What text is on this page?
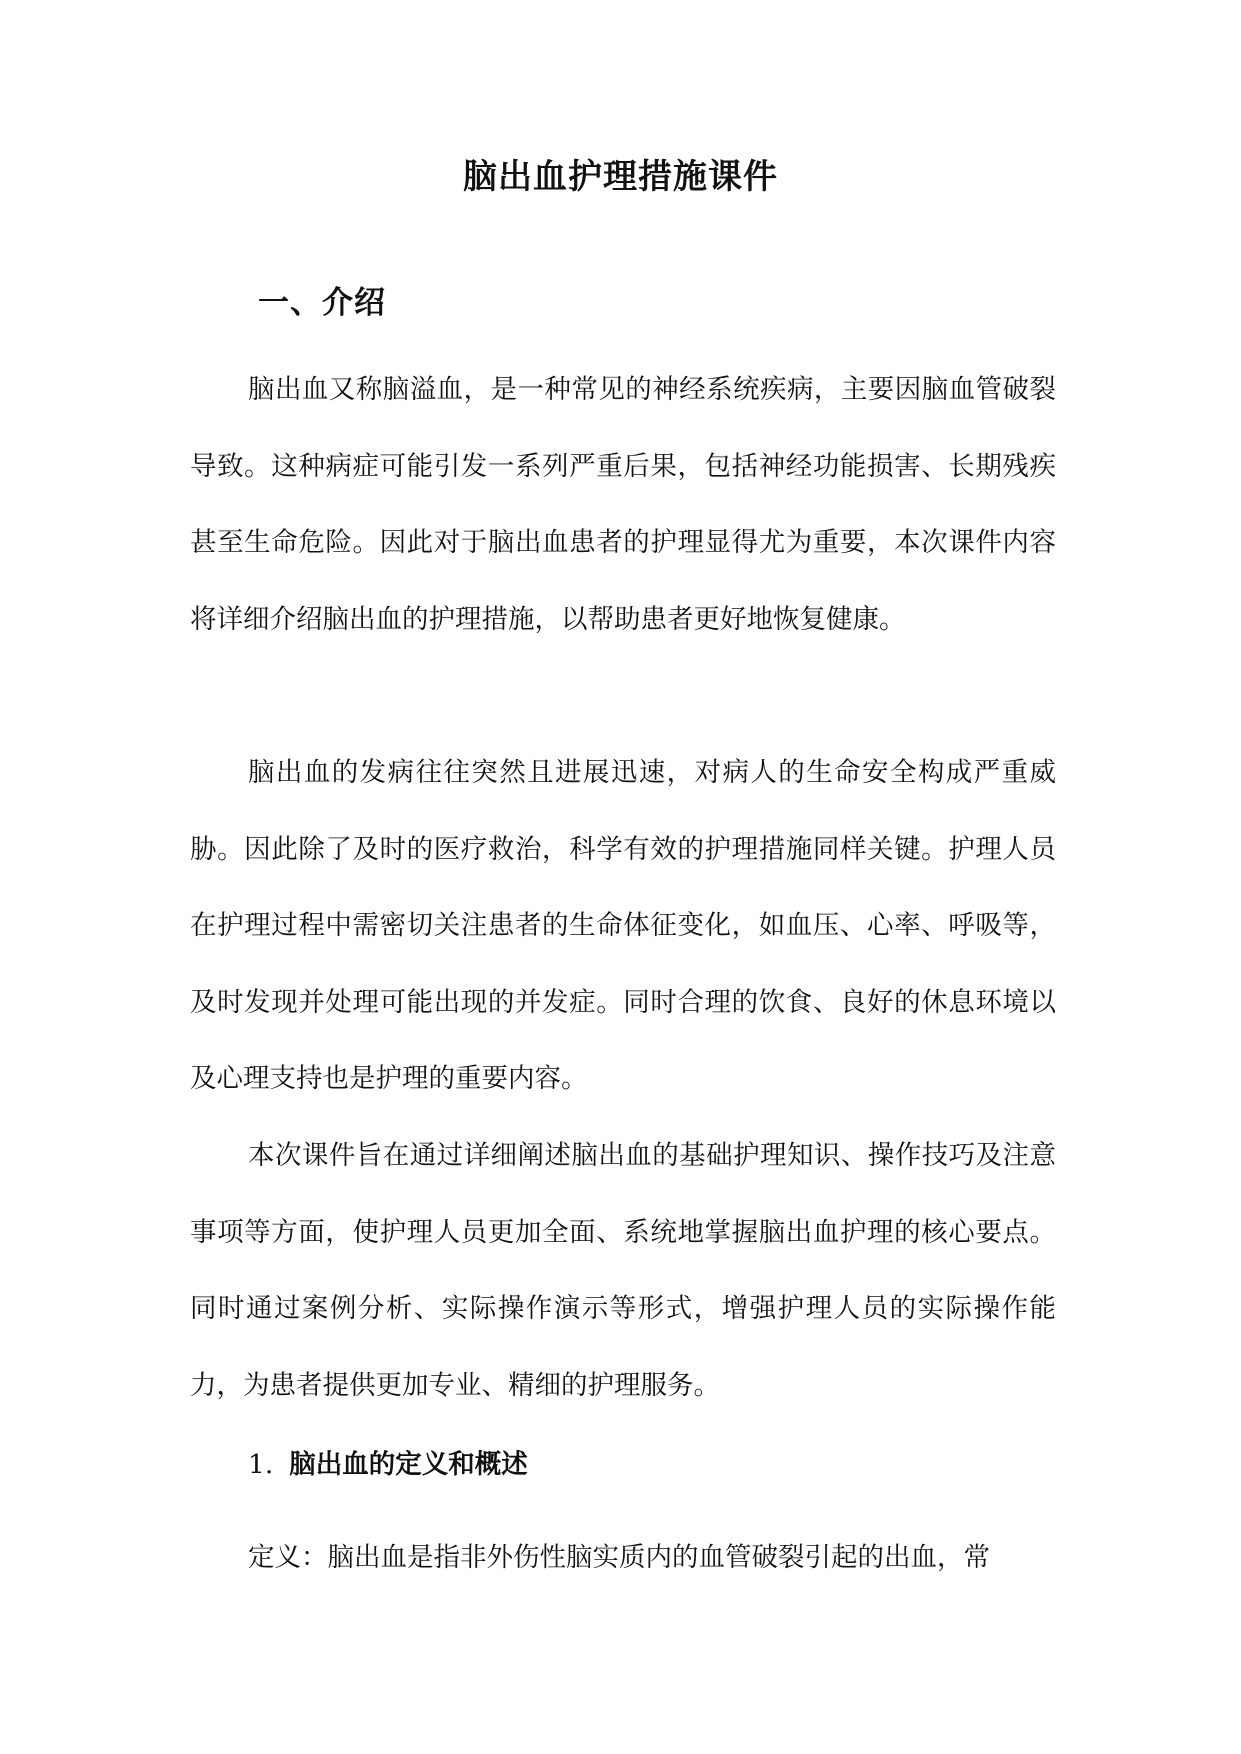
脑出血护理措施课件
一、介绍

脑出血又称脑溢血，是一种常见的神经系统疾病，主要因脑血管破裂导致。这种病症可能引发一系列严重后果，包括神经功能损害、长期残疾甚至生命危险。因此对于脑出血患者的护理显得尤为重要，本次课件内容将详细介绍脑出血的护理措施，以帮助患者更好地恢复健康。

脑出血的发病往往突然且进展迅速，对病人的生命安全构成严重威胁。因此除了及时的医疗救治，科学有效的护理措施同样关键。护理人员在护理过程中需密切关注患者的生命体征变化，如血压、心率、呼吸等，及时发现并处理可能出现的并发症。同时合理的饮食、良好的休息环境以及心理支持也是护理的重要内容。

本次课件旨在通过详细阐述脑出血的基础护理知识、操作技巧及注意事项等方面，使护理人员更加全面、系统地掌握脑出血护理的核心要点。同时通过案例分析、实际操作演示等形式，增强护理人员的实际操作能力，为患者提供更加专业、精细的护理服务。

1. 脑出血的定义和概述

定义：脑出血是指非外伤性脑实质内的血管破裂引起的出血，常
